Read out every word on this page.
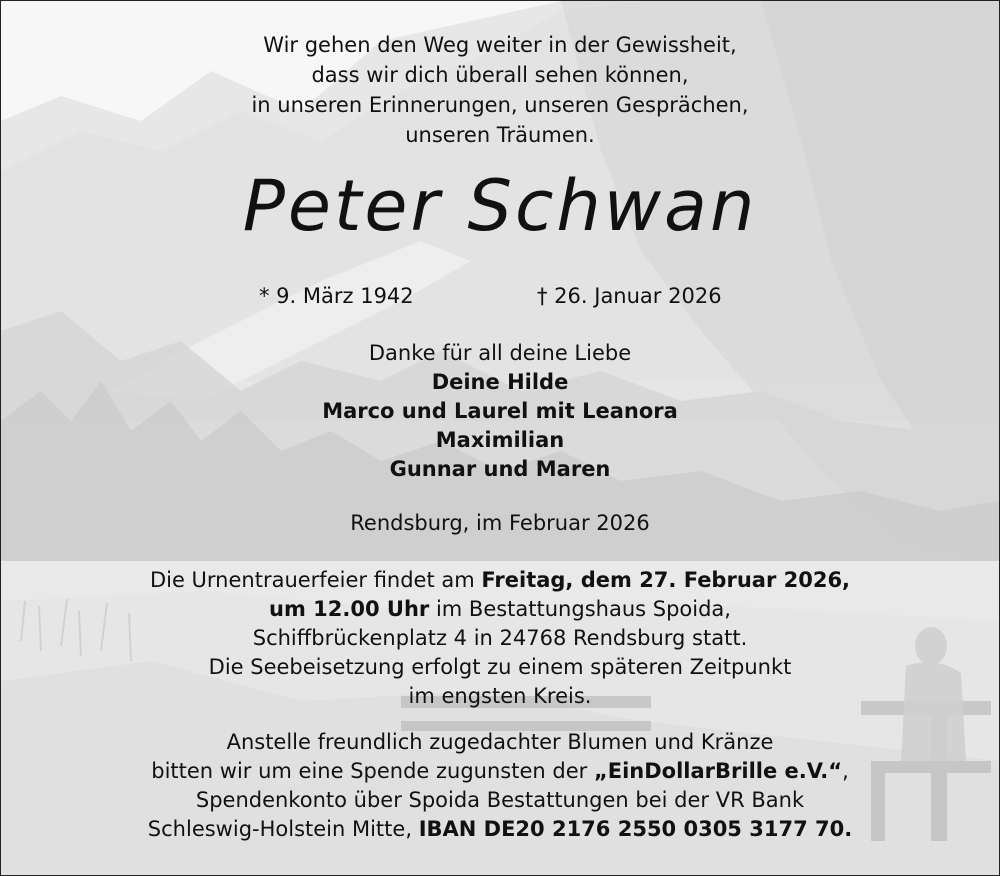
Wir gehen den Weg weiter in der Gewissheit,
dass wir dich überall sehen können,
in unseren Erinnerungen, unseren Gesprächen,
unseren Träumen.
Peter Schwan
* 9. März 1942	† 26. Januar 2026
Danke für all deine Liebe
Deine Hilde
Marco und Laurel mit Leanora
Maximilian
Gunnar und Maren
Rendsburg, im Februar 2026
Die Urnentrauerfeier findet am Freitag, dem 27. Februar 2026,
um 12.00 Uhr im Bestattungshaus Spoida,
Schiffbrückenplatz 4 in 24768 Rendsburg statt.
Die Seebeisetzung erfolgt zu einem späteren Zeitpunkt
im engsten Kreis.
Anstelle freundlich zugedachter Blumen und Kränze
bitten wir um eine Spende zugunsten der „EinDollarBrille e.V.“,
Spendenkonto über Spoida Bestattungen bei der VR Bank
Schleswig-Holstein Mitte, IBAN DE20 2176 2550 0305 3177 70.
